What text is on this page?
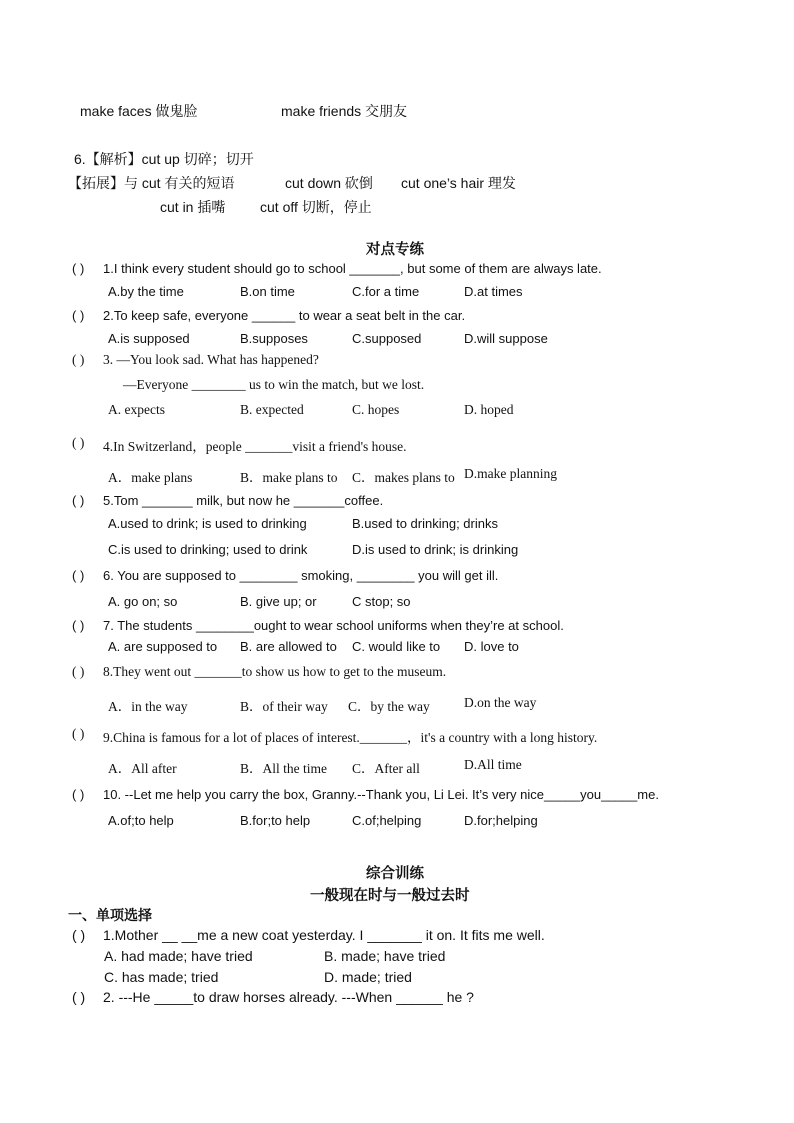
make faces 做鬼脸	make friends 交朋友
6.【解析】cut up 切碎；切开
【拓展】与 cut 有关的短语	cut down 砍倒 cut one’s hair 理发
cut in 插嘴 cut off 切断，停止
对点专练
( ) 1.I think every student should go to school _______, but some of them are always late.
A.by the time	B.on time	C.for a time	D.at times
( ) 2.To keep safe, everyone ______ to wear a seat belt in the car.
A.is supposed	B.supposes	C.supposed	D.will suppose
( ) 3. —You look sad. What has happened?
—Everyone ________ us to win the match, but we lost.
A. expects	B. expected	C. hopes	D. hoped
( ) 4.In Switzerland，people _______visit a friend's house.
A．make plans	B．make plans to C．makes plans to D.make planning
( ) 5.Tom _______ milk, but now he _______coffee.
A.used to drink; is used to drinking	B.used to drinking; drinks
C.is used to drinking; used to drink	D.is used to drink; is drinking
( ) 6. You are supposed to ________ smoking, ________ you will get ill.
A. go on; so	B. give up; or	C stop; so
( ) 7. The students ________ought to wear school uniforms when they’re at school.
A. are supposed to B. are allowed to C. would like to D. love to
( ) 8.They went out _______to show us how to get to the museum.
A．in the way	B．of their way C．by the way	D.on the way
( ) 9.China is famous for a lot of places of interest._______，it's a country with a long history.
A．All after	B．All the time C．After all	D.All time
( ) 10. --Let me help you carry the box, Granny.--Thank you, Li Lei. It’s very nice_____you_____me.
A.of;to help	B.for;to help	C.of;helping	D.for;helping
综合训练
一般现在时与一般过去时
一、单项选择
( ) 1.Mother __ __me a new coat yesterday. I _______ it on. It fits me well.
A. had made; have tried	B. made; have tried
C. has made; tried	D. made; tried
( ) 2. ---He _____to draw horses already. ---When ______ he ?
